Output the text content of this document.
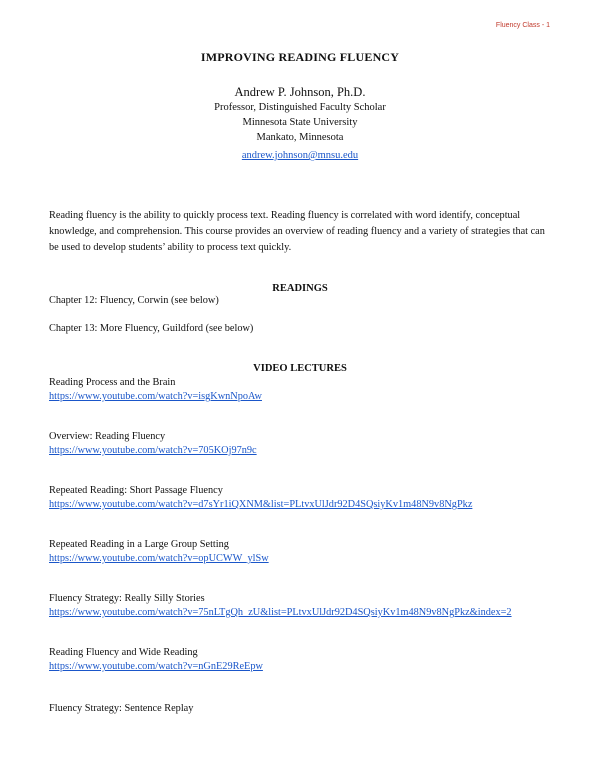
Fluency Class - 1
IMPROVING READING FLUENCY
Andrew P. Johnson, Ph.D.
Professor, Distinguished Faculty Scholar
Minnesota State University
Mankato, Minnesota
andrew.johnson@mnsu.edu

Reading fluency is the ability to quickly process text. Reading fluency is correlated with word identify, conceptual knowledge, and comprehension. This course provides an overview of reading fluency and a variety of strategies that can be used to develop students’ ability to process text quickly.

READINGS
Chapter 12: Fluency, Corwin (see below)
Chapter 13: More Fluency, Guildford (see below)
VIDEO LECTURES
Reading Process and the Brain
https://www.youtube.com/watch?v=isgKwnNpoAw
Overview: Reading Fluency
https://www.youtube.com/watch?v=705KOj97n9c
Repeated Reading: Short Passage Fluency
https://www.youtube.com/watch?v=d7sYr1iQXNM&list=PLtvxUlJdr92D4SQsiyKv1m48N9v8NgPkz
Repeated Reading in a Large Group Setting
https://www.youtube.com/watch?v=opUCWW_ylSw
Fluency Strategy: Really Silly Stories
https://www.youtube.com/watch?v=75nLTgQh_zU&list=PLtvxUlJdr92D4SQsiyKv1m48N9v8NgPkz&index=2
Reading Fluency and Wide Reading
https://www.youtube.com/watch?v=nGnE29ReEpw
Fluency Strategy: Sentence Replay
